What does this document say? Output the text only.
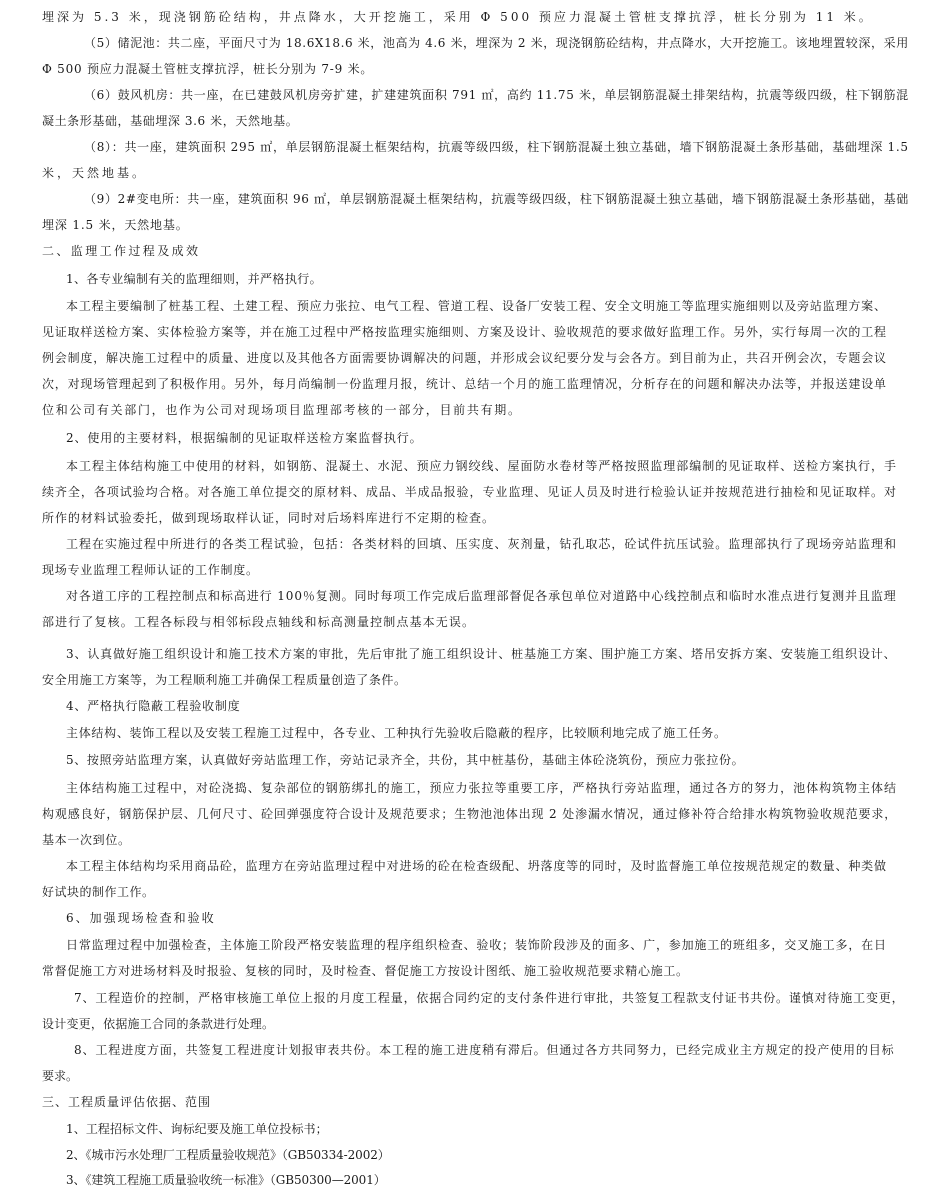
埋深为 5.3 米，现浇钢筋砼结构，井点降水，大开挖施工，采用 Φ 500 预应力混凝土管桩支撑抗浮，桩长分别为 11 米。
（5）储泥池：共二座，平面尺寸为 18.6X18.6 米，池高为 4.6 米，埋深为 2 米，现浇钢筋砼结构，井点降水，大开挖施工。该地埋置较深，采用
Φ 500 预应力混凝土管桩支撑抗浮，桩长分别为 7-9 米。
（6）鼓风机房：共一座，在已建鼓风机房旁扩建，扩建建筑面积 791 ㎡，高约 11.75 米，单层钢筋混凝土排架结构，抗震等级四级，柱下钢筋混
凝土条形基础，基础埋深 3.6 米，天然地基。
（8）：共一座，建筑面积 295 ㎡，单层钢筋混凝土框架结构，抗震等级四级，柱下钢筋混凝土独立基础，墙下钢筋混凝土条形基础，基础埋深 1.5
米，天然地基。
（9）2#变电所：共一座，建筑面积 96 ㎡，单层钢筋混凝土框架结构，抗震等级四级，柱下钢筋混凝土独立基础，墙下钢筋混凝土条形基础，基础
埋深 1.5 米，天然地基。
二、监理工作过程及成效
1、各专业编制有关的监理细则，并严格执行。
本工程主要编制了桩基工程、土建工程、预应力张拉、电气工程、管道工程、设备厂安装工程、安全文明施工等监理实施细则以及旁站监理方案、
见证取样送检方案、实体检验方案等，并在施工过程中严格按监理实施细则、方案及设计、验收规范的要求做好监理工作。另外，实行每周一次的工程
例会制度，解决施工过程中的质量、进度以及其他各方面需要协调解决的问题，并形成会议纪要分发与会各方。到目前为止，共召开例会次，专题会议
次，对现场管理起到了积极作用。另外，每月尚编制一份监理月报，统计、总结一个月的施工监理情况，分析存在的问题和解决办法等，并报送建设单
位和公司有关部门，也作为公司对现场项目监理部考核的一部分，目前共有期。
2、使用的主要材料，根据编制的见证取样送检方案监督执行。
本工程主体结构施工中使用的材料，如钢筋、混凝土、水泥、预应力钢绞线、屋面防水卷材等严格按照监理部编制的见证取样、送检方案执行，手
续齐全，各项试验均合格。对各施工单位提交的原材料、成品、半成品报验，专业监理、见证人员及时进行检验认证并按规范进行抽检和见证取样。对
所作的材料试验委托，做到现场取样认证，同时对后场料库进行不定期的检查。
工程在实施过程中所进行的各类工程试验，包括：各类材料的回填、压实度、灰剂量，钻孔取芯，砼试件抗压试验。监理部执行了现场旁站监理和
现场专业监理工程师认证的工作制度。
对各道工序的工程控制点和标高进行 100％复测。同时每项工作完成后监理部督促各承包单位对道路中心线控制点和临时水准点进行复测并且监理
部进行了复核。工程各标段与相邻标段点轴线和标高测量控制点基本无误。
3、认真做好施工组织设计和施工技术方案的审批，先后审批了施工组织设计、桩基施工方案、围护施工方案、塔吊安拆方案、安装施工组织设计、
安全用施工方案等，为工程顺利施工并确保工程质量创造了条件。
4、严格执行隐蔽工程验收制度
主体结构、装饰工程以及安装工程施工过程中，各专业、工种执行先验收后隐蔽的程序，比较顺利地完成了施工任务。
5、按照旁站监理方案，认真做好旁站监理工作，旁站记录齐全，共份，其中桩基份，基础主体砼浇筑份，预应力张拉份。
主体结构施工过程中，对砼浇捣、复杂部位的钢筋绑扎的施工，预应力张拉等重要工序，严格执行旁站监理，通过各方的努力，池体构筑物主体结
构观感良好，钢筋保护层、几何尺寸、砼回弹强度符合设计及规范要求；生物池池体出现 2 处渗漏水情况，通过修补符合给排水构筑物验收规范要求，
基本一次到位。
本工程主体结构均采用商品砼，监理方在旁站监理过程中对进场的砼在检查级配、坍落度等的同时，及时监督施工单位按规范规定的数量、种类做
好试块的制作工作。
6、加强现场检查和验收
日常监理过程中加强检查，主体施工阶段严格安装监理的程序组织检查、验收；装饰阶段涉及的面多、广，参加施工的班组多，交叉施工多，在日
常督促施工方对进场材料及时报验、复核的同时，及时检查、督促施工方按设计图纸、施工验收规范要求精心施工。
7、工程造价的控制，严格审核施工单位上报的月度工程量，依据合同约定的支付条件进行审批，共签复工程款支付证书共份。谨慎对待施工变更，
设计变更，依据施工合同的条款进行处理。
8、工程进度方面，共签复工程进度计划报审表共份。本工程的施工进度稍有滞后。但通过各方共同努力，已经完成业主方规定的投产使用的目标
要求。
三、工程质量评估依据、范围
1、工程招标文件、询标纪要及施工单位投标书；
2、《城市污水处理厂工程质量验收规范》（GB50334-2002）
3、《建筑工程施工质量验收统一标准》（GB50300—2001）
